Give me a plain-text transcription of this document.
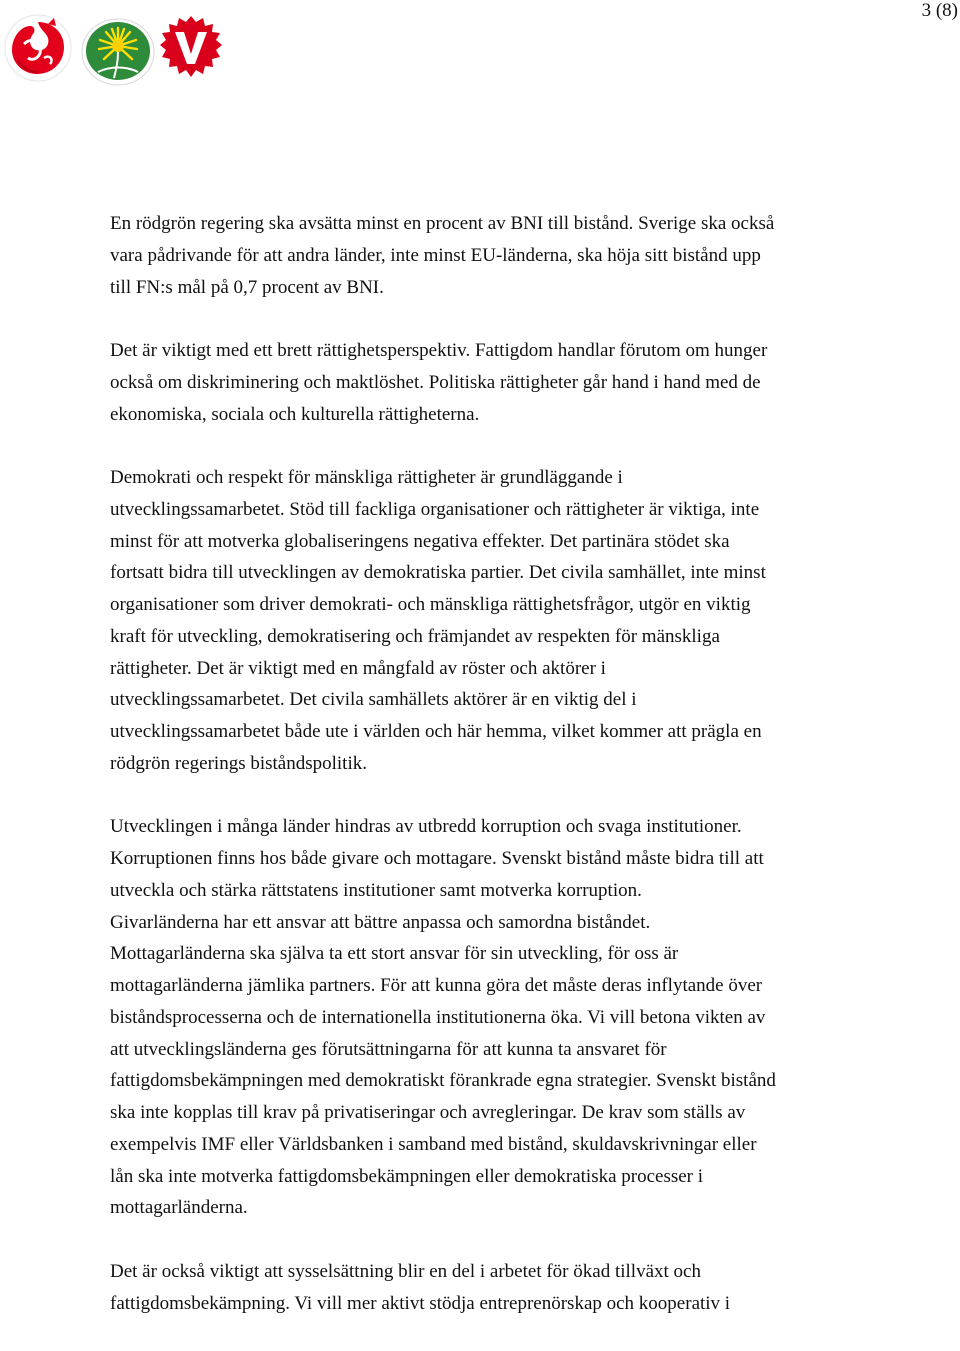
3 (8)

En rödgrön regering ska avsätta minst en procent av BNI till bistånd. Sverige ska också
vara pådrivande för att andra länder, inte minst EU-länderna, ska höja sitt bistånd upp
till FN:s mål på 0,7 procent av BNI.

Det är viktigt med ett brett rättighetsperspektiv. Fattigdom handlar förutom om hunger
också om diskriminering och maktlöshet. Politiska rättigheter går hand i hand med de
ekonomiska, sociala och kulturella rättigheterna.

Demokrati och respekt för mänskliga rättigheter är grundläggande i
utvecklingssamarbetet. Stöd till fackliga organisationer och rättigheter är viktiga, inte
minst för att motverka globaliseringens negativa effekter. Det partinära stödet ska
fortsatt bidra till utvecklingen av demokratiska partier. Det civila samhället, inte minst
organisationer som driver demokrati- och mänskliga rättighetsfrågor, utgör en viktig
kraft för utveckling, demokratisering och främjandet av respekten för mänskliga
rättigheter. Det är viktigt med en mångfald av röster och aktörer i
utvecklingssamarbetet. Det civila samhällets aktörer är en viktig del i
utvecklingssamarbetet både ute i världen och här hemma, vilket kommer att prägla en
rödgrön regerings biståndspolitik.

Utvecklingen i många länder hindras av utbredd korruption och svaga institutioner.
Korruptionen finns hos både givare och mottagare. Svenskt bistånd måste bidra till att
utveckla och stärka rättstatens institutioner samt motverka korruption.
Givarländerna har ett ansvar att bättre anpassa och samordna biståndet.
Mottagarländerna ska själva ta ett stort ansvar för sin utveckling, för oss är
mottagarländerna jämlika partners. För att kunna göra det måste deras inflytande över
biståndsprocesserna och de internationella institutionerna öka. Vi vill betona vikten av
att utvecklingsländerna ges förutsättningarna för att kunna ta ansvaret för
fattigdomsbekämpningen med demokratiskt förankrade egna strategier. Svenskt bistånd
ska inte kopplas till krav på privatiseringar och avregleringar. De krav som ställs av
exempelvis IMF eller Världsbanken i samband med bistånd, skuldavskrivningar eller
lån ska inte motverka fattigdomsbekämpningen eller demokratiska processer i
mottagarländerna.

Det är också viktigt att sysselsättning blir en del i arbetet för ökad tillväxt och
fattigdomsbekämpning. Vi vill mer aktivt stödja entreprenörskap och kooperativ i
